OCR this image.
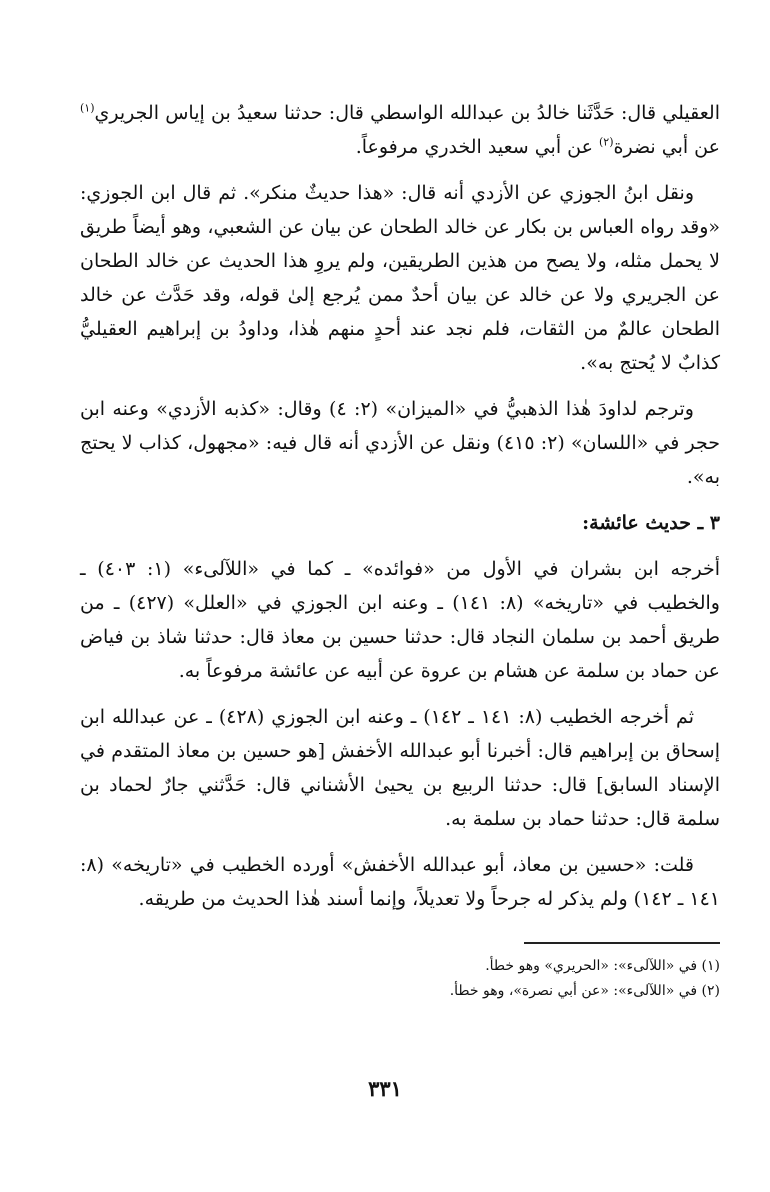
العقيلي قال: حَدَّثَنا خالدُ بن عبدالله الواسطي قال: حدثنا سعيدُ بن إياس الجريري$^{(١)}$ عن أبي نضرة$^{(٢)}$ عن أبي سعيد الخدري مرفوعاً.

ونقل ابنُ الجوزي عن الأزدي أنه قال: «هذا حديثٌ منكر». ثم قال ابن الجوزي: «وقد رواه العباس بن بكار عن خالد الطحان عن بيان عن الشعبي، وهو أيضاً طريق لا يحمل مثله، ولا يصح من هذين الطريقين، ولم يروِ هذا الحديث عن خالد الطحان عن الجريري ولا عن خالد عن بيان أحدٌ ممن يُرجع إلىٰ قوله، وقد حَدَّث عن خالد الطحان عالمٌ من الثقات، فلم نجد عند أحدٍ منهم هٰذا، وداودُ بن إبراهيم العقيليُّ كذابٌ لا يُحتج به».

وترجم لداودَ هٰذا الذهبيُّ في «الميزان» (٢: ٤) وقال: «كذبه الأزدي» وعنه ابن حجر في «اللسان» (٢: ٤١٥) ونقل عن الأزدي أنه قال فيه: «مجهول، كذاب لا يحتج به».

٣ ـ حديث عائشة:

أخرجه ابن بشران في الأول من «فوائده» ـ كما في «اللآلىء» (١: ٤٠٣) ـ والخطيب في «تاريخه» (٨: ١٤١) ـ وعنه ابن الجوزي في «العلل» (٤٢٧) ـ من طريق أحمد بن سلمان النجاد قال: حدثنا حسين بن معاذ قال: حدثنا شاذ بن فياض عن حماد بن سلمة عن هشام بن عروة عن أبيه عن عائشة مرفوعاً به.

ثم أخرجه الخطيب (٨: ١٤١ ـ ١٤٢) ـ وعنه ابن الجوزي (٤٢٨) ـ عن عبدالله ابن إسحاق بن إبراهيم قال: أخبرنا أبو عبدالله الأخفش [هو حسين بن معاذ المتقدم في الإسناد السابق] قال: حدثنا الربيع بن يحيىٰ الأشناني قال: حَدَّثني جارٌ لحماد بن سلمة قال: حدثنا حماد بن سلمة به.

قلت: «حسين بن معاذ، أبو عبدالله الأخفش» أورده الخطيب في «تاريخه» (٨: ١٤١ ـ ١٤٢) ولم يذكر له جرحاً ولا تعديلاً، وإنما أسند هٰذا الحديث من طريقه.

(١) في «اللآلىء»: «الحريري» وهو خطأ.

(٢) في «اللآلىء»: «عن أبي نصرة»، وهو خطأ.

٣٣١
